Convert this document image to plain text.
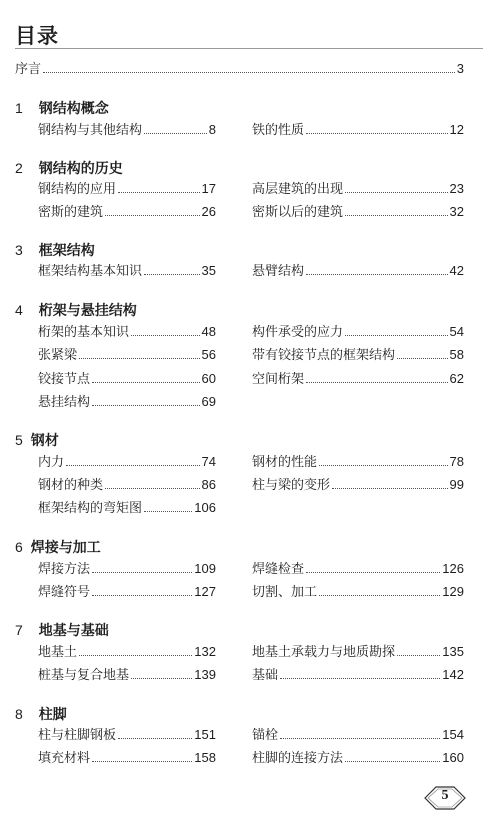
目录
序言	3
1 钢结构概念
钢结构与其他结构	8	铁的性质	12
2 钢结构的历史
钢结构的应用	17	高层建筑的出现	23
密斯的建筑	26	密斯以后的建筑	32
3 框架结构
框架结构基本知识	35	悬臂结构	42
4 桁架与悬挂结构
桁架的基本知识	48	构件承受的应力	54
张紧梁	56	带有铰接节点的框架结构	58
铰接节点	60	空间桁架	62
悬挂结构	69
5 钢材
内力	74	钢材的性能	78
钢材的种类	86	柱与梁的变形	99
框架结构的弯矩图	106
6 焊接与加工
焊接方法	109	焊缝检查	126
焊缝符号	127	切割、加工	129
7 地基与基础
地基土	132	地基土承载力与地质勘探	135
桩基与复合地基	139	基础	142
8 柱脚
柱与柱脚钢板	151	锚栓	154
填充材料	158	柱脚的连接方法	160
5
